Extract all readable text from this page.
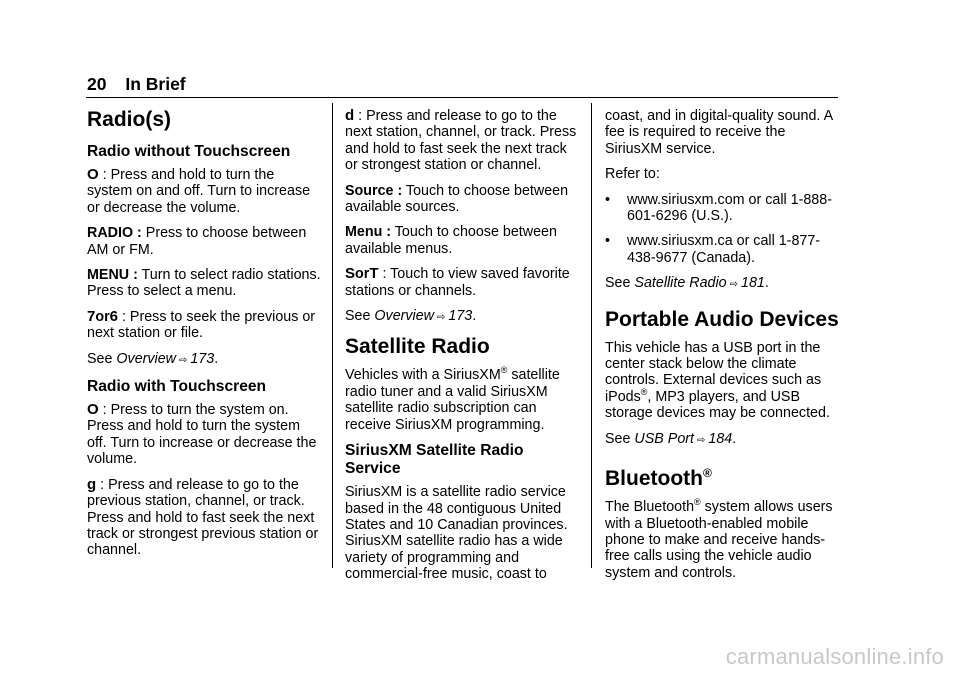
20 In Brief
Radio(s)
Radio without Touchscreen

O : Press and hold to turn the system on and off. Turn to increase or decrease the volume.

RADIO : Press to choose between AM or FM.

MENU : Turn to select radio stations. Press to select a menu.

7or6 : Press to seek the previous or next station or file.

See Overview ⇨ 173.

Radio with Touchscreen

O : Press to turn the system on. Press and hold to turn the system off. Turn to increase or decrease the volume.

g : Press and release to go to the previous station, channel, or track. Press and hold to fast seek the next track or strongest previous station or channel.

d : Press and release to go to the next station, channel, or track. Press and hold to fast seek the next track or strongest station or channel.

Source : Touch to choose between available sources.

Menu : Touch to choose between available menus.

SorT : Touch to view saved favorite stations or channels.

See Overview ⇨ 173.

Satellite Radio

Vehicles with a SiriusXM® satellite radio tuner and a valid SiriusXM satellite radio subscription can receive SiriusXM programming.

SiriusXM Satellite Radio Service

SiriusXM is a satellite radio service based in the 48 contiguous United States and 10 Canadian provinces. SiriusXM satellite radio has a wide variety of programming and commercial-free music, coast to

coast, and in digital-quality sound. A fee is required to receive the SiriusXM service.

Refer to:

• www.siriusxm.com or call 1-888-601-6296 (U.S.).
• www.siriusxm.ca or call 1-877-438-9677 (Canada).

See Satellite Radio ⇨ 181.

Portable Audio Devices

This vehicle has a USB port in the center stack below the climate controls. External devices such as iPods®, MP3 players, and USB storage devices may be connected.

See USB Port ⇨ 184.

Bluetooth®

The Bluetooth® system allows users with a Bluetooth-enabled mobile phone to make and receive hands-free calls using the vehicle audio system and controls.

carmanualsonline.info
